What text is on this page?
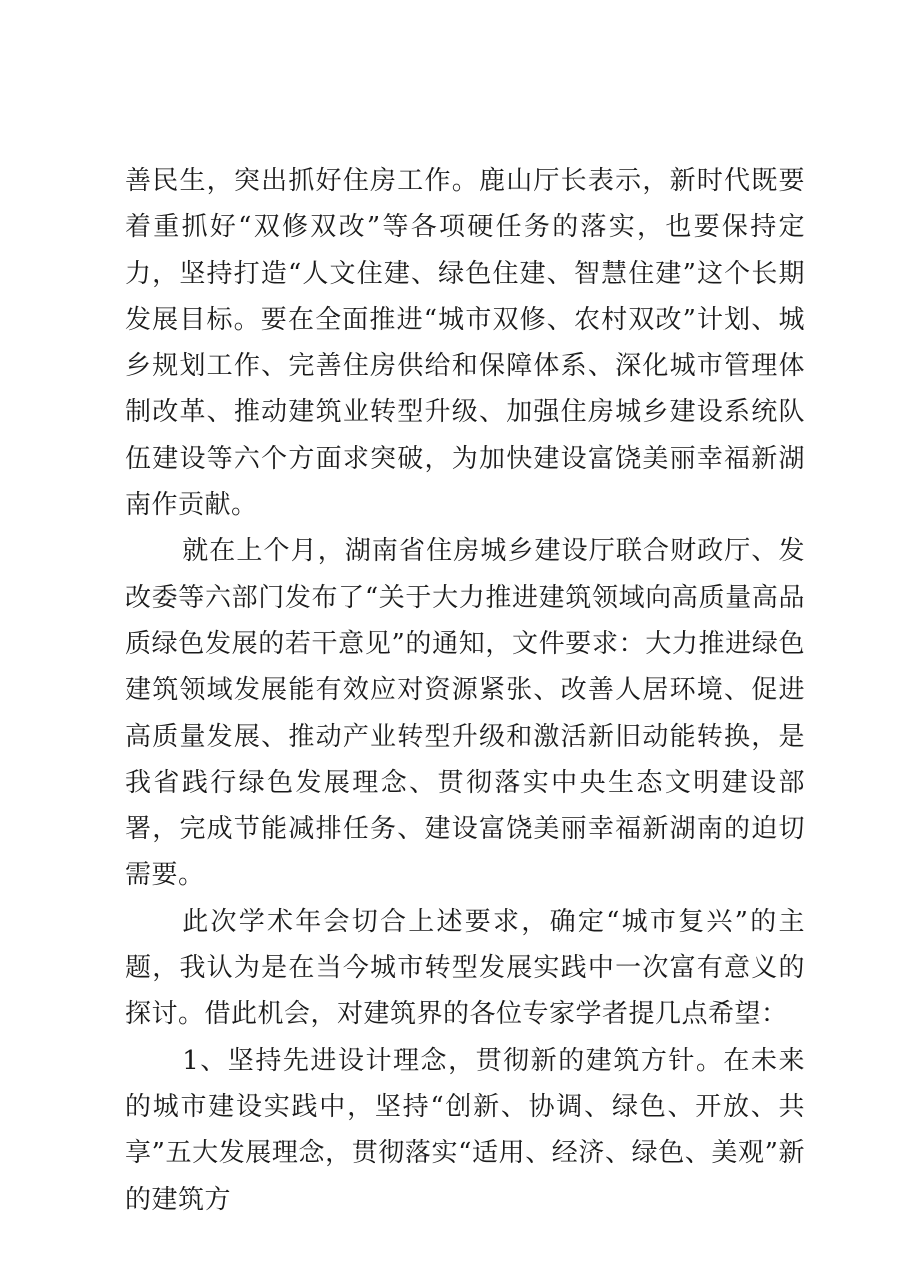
善民生，突出抓好住房工作。鹿山厅长表示，新时代既要着重抓好“双修双改”等各项硬任务的落实，也要保持定力，坚持打造“人文住建、绿色住建、智慧住建”这个长期发展目标。要在全面推进“城市双修、农村双改”计划、城乡规划工作、完善住房供给和保障体系、深化城市管理体制改革、推动建筑业转型升级、加强住房城乡建设系统队伍建设等六个方面求突破，为加快建设富饶美丽幸福新湖南作贡献。

就在上个月，湖南省住房城乡建设厅联合财政厅、发改委等六部门发布了“关于大力推进建筑领域向高质量高品质绿色发展的若干意见”的通知，文件要求：大力推进绿色建筑领域发展能有效应对资源紧张、改善人居环境、促进高质量发展、推动产业转型升级和激活新旧动能转换，是我省践行绿色发展理念、贯彻落实中央生态文明建设部署，完成节能减排任务、建设富饶美丽幸福新湖南的迫切需要。

此次学术年会切合上述要求，确定“城市复兴”的主题，我认为是在当今城市转型发展实践中一次富有意义的探讨。借此机会，对建筑界的各位专家学者提几点希望：

1、坚持先进设计理念，贯彻新的建筑方针。在未来的城市建设实践中，坚持“创新、协调、绿色、开放、共享”五大发展理念，贯彻落实“适用、经济、绿色、美观”新的建筑方
